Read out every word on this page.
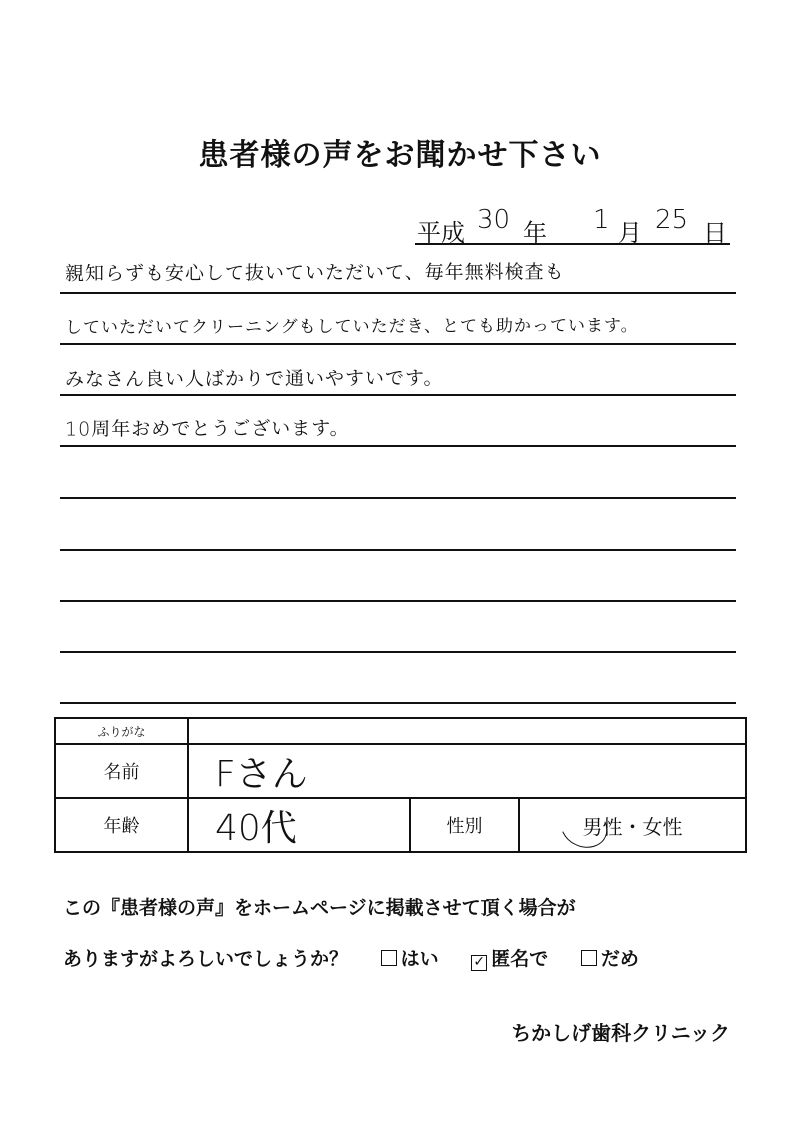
患者様の声をお聞かせ下さい
平成 30 年 1 月 25 日
親知らずも安心して抜いていただいて、毎年無料検査も
していただいてクリーニングもしていただき、とても助かっています。
みなさん良い人ばかりで通いやすいです。
10周年おめでとうございます。
ふりがな			
名前	Fさん		
年齢	40代	性別	男性・女性
この『患者様の声』をホームページに掲載させて頂く場合が
ありますがよろしいでしょうか？	はい ✓ 匿名で	だめ
ちかしげ歯科クリニック
